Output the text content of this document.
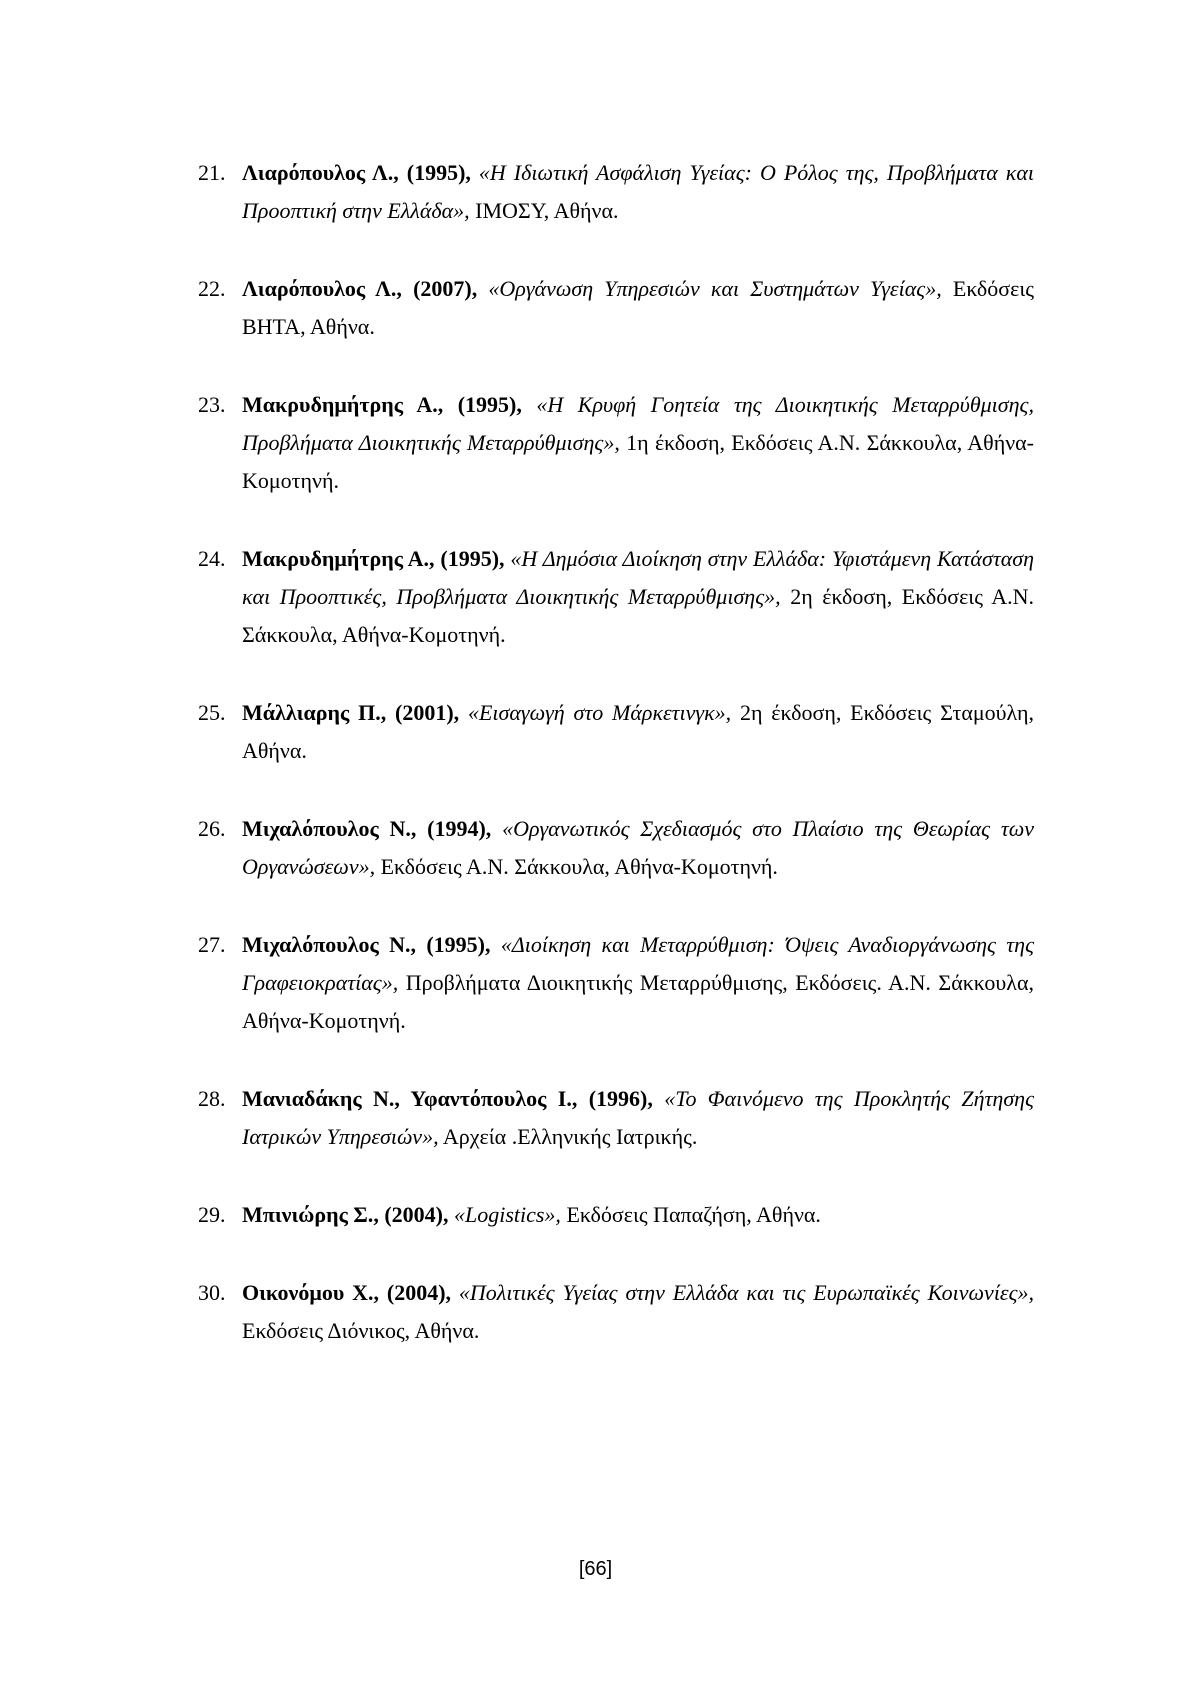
21. Λιαρόπουλος Λ., (1995), «Η Ιδιωτική Ασφάλιση Υγείας: Ο Ρόλος της, Προβλήματα και Προοπτική στην Ελλάδα», ΙΜΟΣΥ, Αθήνα.
22. Λιαρόπουλος Λ., (2007), «Οργάνωση Υπηρεσιών και Συστημάτων Υγείας», Εκδόσεις ΒΗΤΑ, Αθήνα.
23. Μακρυδημήτρης Α., (1995), «Η Κρυφή Γοητεία της Διοικητικής Μεταρρύθμισης, Προβλήματα Διοικητικής Μεταρρύθμισης», 1η έκδοση, Εκδόσεις Α.Ν. Σάκκουλα, Αθήνα-Κομοτηνή.
24. Μακρυδημήτρης Α., (1995), «Η Δημόσια Διοίκηση στην Ελλάδα: Υφιστάμενη Κατάσταση και Προοπτικές, Προβλήματα Διοικητικής Μεταρρύθμισης», 2η έκδοση, Εκδόσεις Α.Ν. Σάκκουλα, Αθήνα-Κομοτηνή.
25. Μάλλιαρης Π., (2001), «Εισαγωγή στο Μάρκετινγκ», 2η έκδοση, Εκδόσεις Σταμούλη, Αθήνα.
26. Μιχαλόπουλος Ν., (1994), «Οργανωτικός Σχεδιασμός στο Πλαίσιο της Θεωρίας των Οργανώσεων», Εκδόσεις Α.Ν. Σάκκουλα, Αθήνα-Κομοτηνή.
27. Μιχαλόπουλος Ν., (1995), «Διοίκηση και Μεταρρύθμιση: Όψεις Αναδιοργάνωσης της Γραφειοκρατίας», Προβλήματα Διοικητικής Μεταρρύθμισης, Εκδόσεις. Α.Ν. Σάκκουλα, Αθήνα-Κομοτηνή.
28. Μανιαδάκης Ν., Υφαντόπουλος Ι., (1996), «Το Φαινόμενο της Προκλητής Ζήτησης Ιατρικών Υπηρεσιών», Αρχεία .Ελληνικής Ιατρικής.
29. Μπινιώρης Σ., (2004), «Logistics», Εκδόσεις Παπαζήση, Αθήνα.
30. Οικονόμου Χ., (2004), «Πολιτικές Υγείας στην Ελλάδα και τις Ευρωπαϊκές Κοινωνίες», Εκδόσεις Διόνικος, Αθήνα.
[66]
